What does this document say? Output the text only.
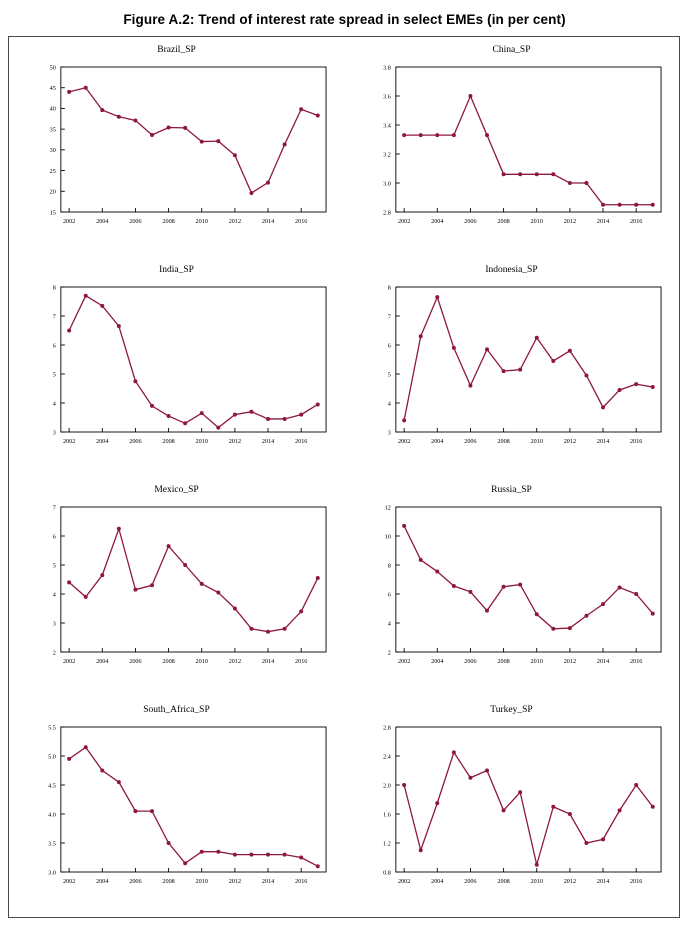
Figure A.2: Trend of interest rate spread in select EMEs (in per cent)
Brazil_SP
15
20
25
30
35
40
45
50
2002	2004	2006	2008	2010	2012	2014	2016
China_SP
2.8
3.0
3.2
3.4
3.6
3.8
2002	2004	2006	2008	2010	2012	2014	2016
India_SP
3
4
5
6
7
8
2002	2004	2006	2008	2010	2012	2014	2016
Indonesia_SP
3
4
5
6
7
8
2002	2004	2006	2008	2010	2012	2014	2016
Mexico_SP
2
3
4
5
6
7
2002	2004	2006	2008	2010	2012	2014	2016
Russia_SP
2
4
6
8
10
12
2002	2004	2006	2008	2010	2012	2014	2016
South_Africa_SP
3.0
3.5
4.0
4.5
5.0
5.5
2002	2004	2006	2008	2010	2012	2014	2016
Turkey_SP
0.8
1.2
1.6
2.0
2.4
2.8
2002	2004	2006	2008	2010	2012	2014	2016
